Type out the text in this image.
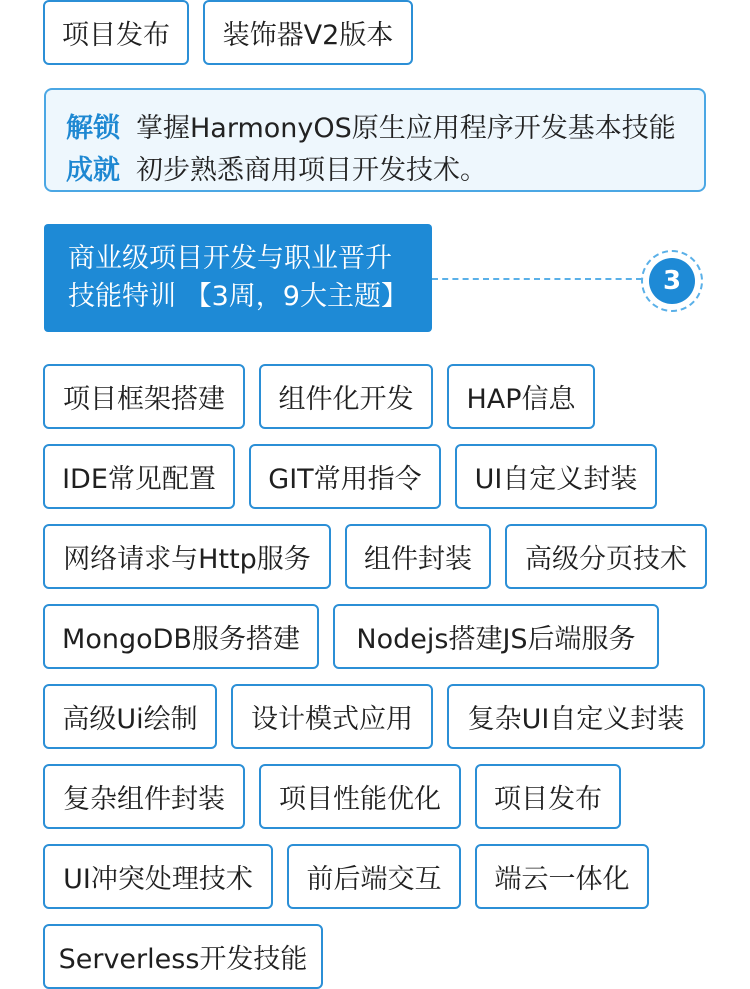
项目发布	装饰器V2版本
解锁 掌握HarmonyOS原生应用程序开发基本技能
成就 初步熟悉商用项目开发技术。
商业级项目开发与职业晋升
技能特训 【3周，9大主题】	3
项目框架搭建	组件化开发	HAP信息
IDE常见配置	GIT常用指令	UI自定义封装
网络请求与Http服务	组件封装	高级分页技术
MongoDB服务搭建	Nodejs搭建JS后端服务
高级Ui绘制	设计模式应用	复杂UI自定义封装
复杂组件封装	项目性能优化	项目发布
UI冲突处理技术	前后端交互	端云一体化
Serverless开发技能
